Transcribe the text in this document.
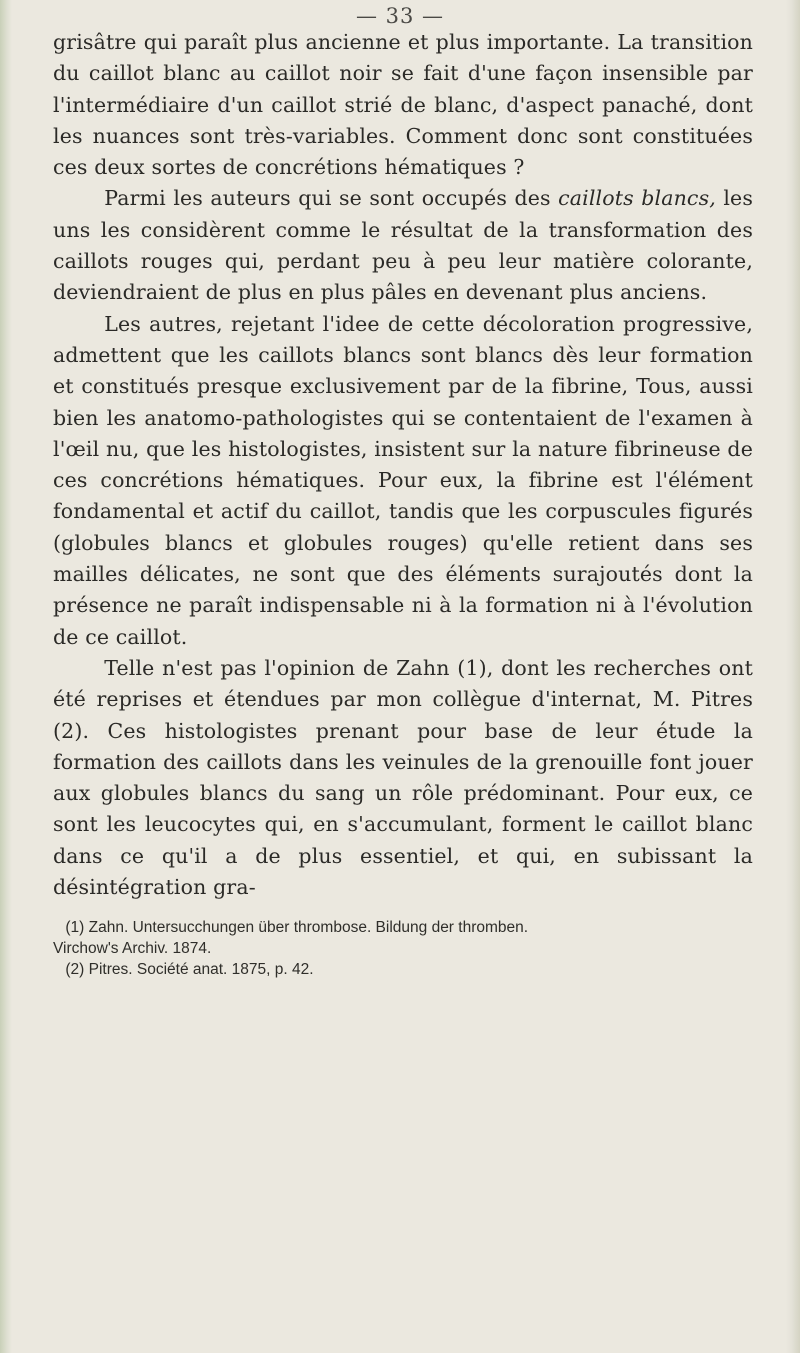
— 33 —

grisâtre qui paraît plus ancienne et plus importante. La transition du caillot blanc au caillot noir se fait d'une façon insensible par l'intermédiaire d'un caillot strié de blanc, d'aspect panaché, dont les nuances sont très-variables. Comment donc sont constituées ces deux sortes de concrétions hématiques ?

Parmi les auteurs qui se sont occupés des caillots blancs, les uns les considèrent comme le résultat de la transformation des caillots rouges qui, perdant peu à peu leur matière colorante, deviendraient de plus en plus pâles en devenant plus anciens.

Les autres, rejetant l'idee de cette décoloration progressive, admettent que les caillots blancs sont blancs dès leur formation et constitués presque exclusivement par de la fibrine, Tous, aussi bien les anatomo-pathologistes qui se contentaient de l'examen à l'œil nu, que les histologistes, insistent sur la nature fibrineuse de ces concrétions hématiques. Pour eux, la fibrine est l'élément fondamental et actif du caillot, tandis que les corpuscules figurés (globules blancs et globules rouges) qu'elle retient dans ses mailles délicates, ne sont que des éléments surajoutés dont la présence ne paraît indispensable ni à la formation ni à l'évolution de ce caillot.

Telle n'est pas l'opinion de Zahn (1), dont les recherches ont été reprises et étendues par mon collègue d'internat, M. Pitres (2). Ces histologistes prenant pour base de leur étude la formation des caillots dans les veinules de la grenouille font jouer aux globules blancs du sang un rôle prédominant. Pour eux, ce sont les leucocytes qui, en s'accumulant, forment le caillot blanc dans ce qu'il a de plus essentiel, et qui, en subissant la désintégration gra-

(1) Zahn. Untersucchungen über thrombose. Bildung der thromben.

Virchow's Archiv. 1874.

(2) Pitres. Société anat. 1875, p. 42.
